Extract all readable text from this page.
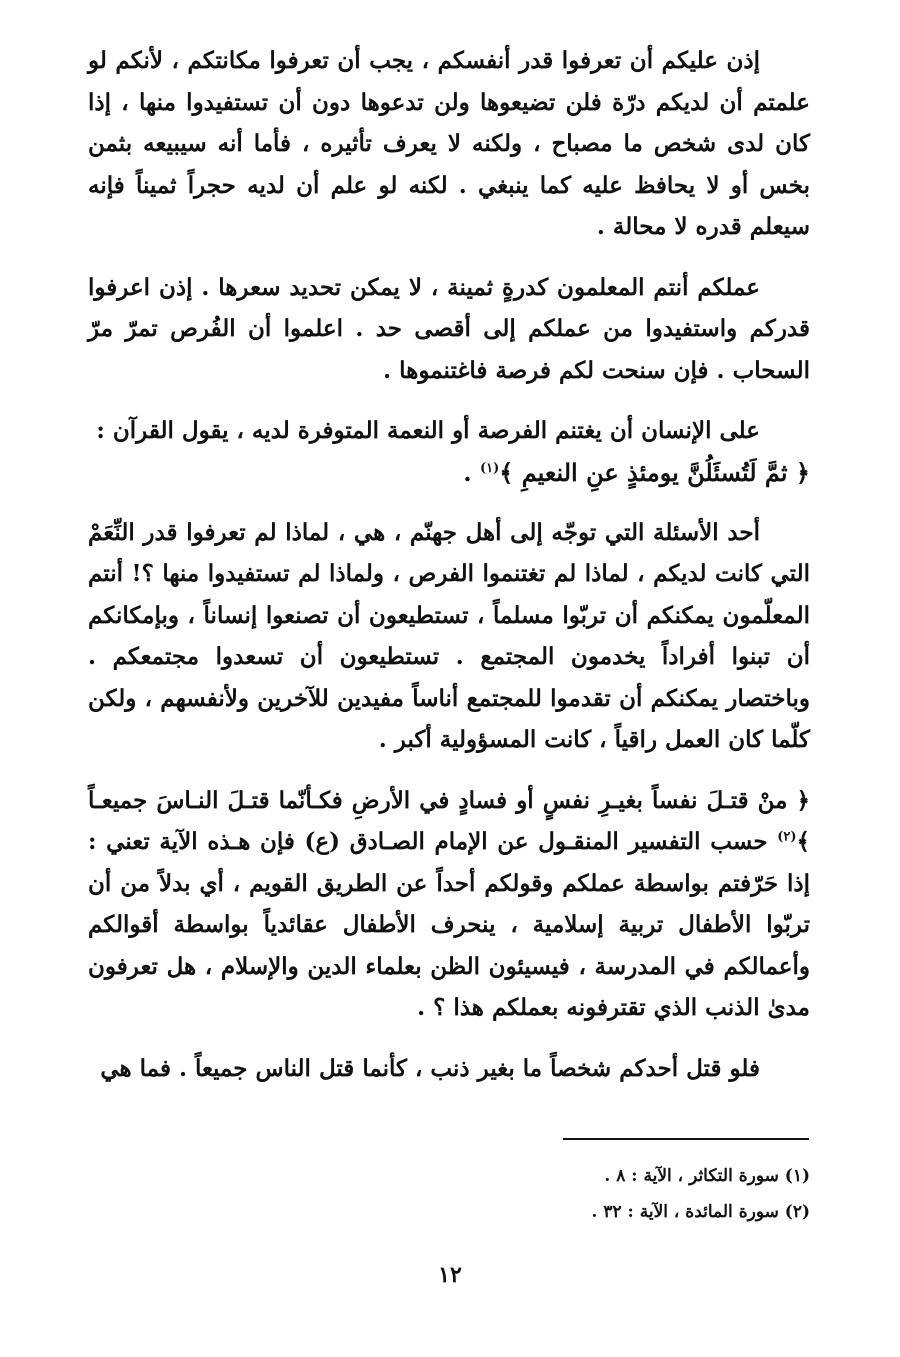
إذن عليكم أن تعرفوا قدر أنفسكم ، يجب أن تعرفوا مكانتكم ، لأنكم لو علمتم أن لديكم درّة فلن تضيعوها ولن تدعوها دون أن تستفيدوا منها ، إذا كان لدى شخص ما مصباح ، ولكنه لا يعرف تأثيره ، فأما أنه سيبيعه بثمن بخس أو لا يحافظ عليه كما ينبغي . لكنه لو علم أن لديه حجراً ثميناً فإنه سيعلم قدره لا محالة .

عملكم أنتم المعلمون كدرةٍ ثمينة ، لا يمكن تحديد سعرها . إذن اعرفوا قدركم واستفيدوا من عملكم إلى أقصى حد . اعلموا أن الفُرص تمرّ مرّ السحاب . فإن سنحت لكم فرصة فاغتنموها .

على الإنسان أن يغتنم الفرصة أو النعمة المتوفرة لديه ، يقول القرآن :

﴿ ثمَّ لَتُسئَلُنَّ يومئذٍ عنِ النعيمِ ﴾$^{(١)}$ .

أحد الأسئلة التي توجّه إلى أهل جهنّم ، هي ، لماذا لم تعرفوا قدر النِّعَمْ التي كانت لديكم ، لماذا لم تغتنموا الفرص ، ولماذا لم تستفيدوا منها ؟! أنتم المعلّمون يمكنكم أن تربّوا مسلماً ، تستطيعون أن تصنعوا إنساناً ، وبإمكانكم أن تبنوا أفراداً يخدمون المجتمع . تستطيعون أن تسعدوا مجتمعكم . وباختصار يمكنكم أن تقدموا للمجتمع أناساً مفيدين للآخرين ولأنفسهم ، ولكن كلّما كان العمل راقياً ، كانت المسؤولية أكبر .

﴿ منْ قتـلَ نفساً بغيـرِ نفسٍ أو فسادٍ في الأرضِ فكـأنّما قتـلَ النـاسَ جميعـاً ﴾$^{(٢)}$ حسب التفسير المنقـول عن الإمام الصـادق (ع) فإن هـذه الآية تعني : إذا حَرّفتم بواسطة عملكم وقولكم أحداً عن الطريق القويم ، أي بدلاً من أن تربّوا الأطفال تربية إسلامية ، ينحرف الأطفال عقائدياً بواسطة أقوالكم وأعمالكم في المدرسة ، فيسيئون الظن بعلماء الدين والإسلام ، هل تعرفون مدىٰ الذنب الذي تقترفونه بعملكم هذا ؟ .

فلو قتل أحدكم شخصاً ما بغير ذنب ، كأنما قتل الناس جميعاً . فما هي

(١) سورة التكاثر ، الآية : ٨ .

(٢) سورة المائدة ، الآية : ٣٢ .

١٢
